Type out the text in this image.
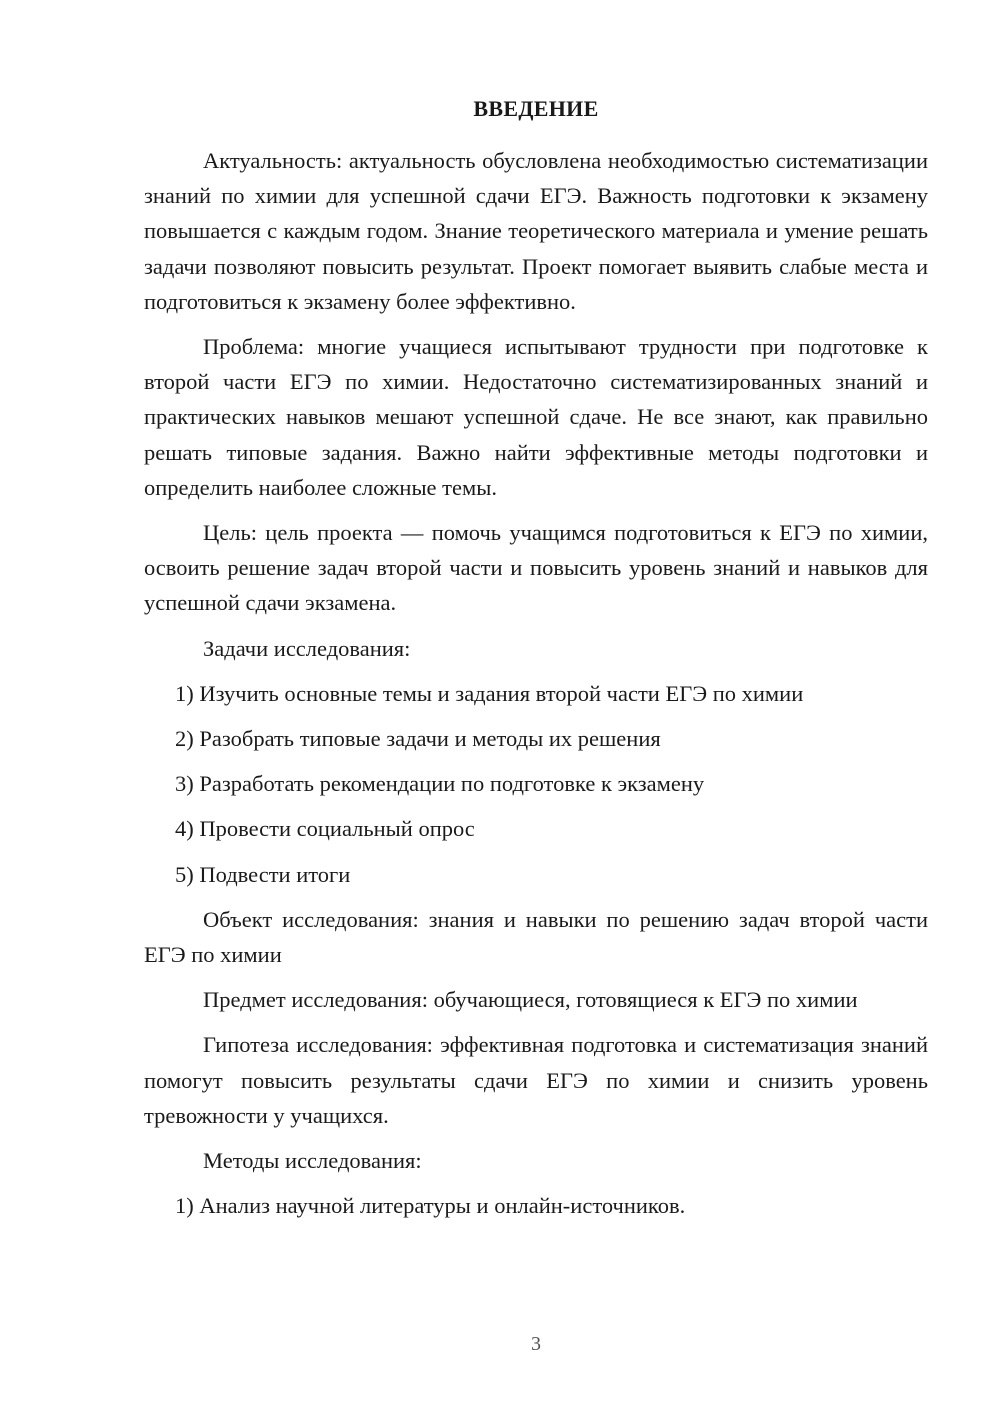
ВВЕДЕНИЕ

Актуальность: актуальность обусловлена необходимостью систематизации знаний по химии для успешной сдачи ЕГЭ. Важность подготовки к экзамену повышается с каждым годом. Знание теоретического материала и умение решать задачи позволяют повысить результат. Проект помогает выявить слабые места и подготовиться к экзамену более эффективно.

Проблема: многие учащиеся испытывают трудности при подготовке к второй части ЕГЭ по химии. Недостаточно систематизированных знаний и практических навыков мешают успешной сдаче. Не все знают, как правильно решать типовые задания. Важно найти эффективные методы подготовки и определить наиболее сложные темы.

Цель: цель проекта — помочь учащимся подготовиться к ЕГЭ по химии, освоить решение задач второй части и повысить уровень знаний и навыков для успешной сдачи экзамена.

Задачи исследования:

1) Изучить основные темы и задания второй части ЕГЭ по химии
2) Разобрать типовые задачи и методы их решения
3) Разработать рекомендации по подготовке к экзамену
4) Провести социальный опрос
5) Подвести итоги

Объект исследования: знания и навыки по решению задач второй части ЕГЭ по химии

Предмет исследования: обучающиеся, готовящиеся к ЕГЭ по химии

Гипотеза исследования: эффективная подготовка и систематизация знаний помогут повысить результаты сдачи ЕГЭ по химии и снизить уровень тревожности у учащихся.

Методы исследования:

1) Анализ научной литературы и онлайн-источников.
3
